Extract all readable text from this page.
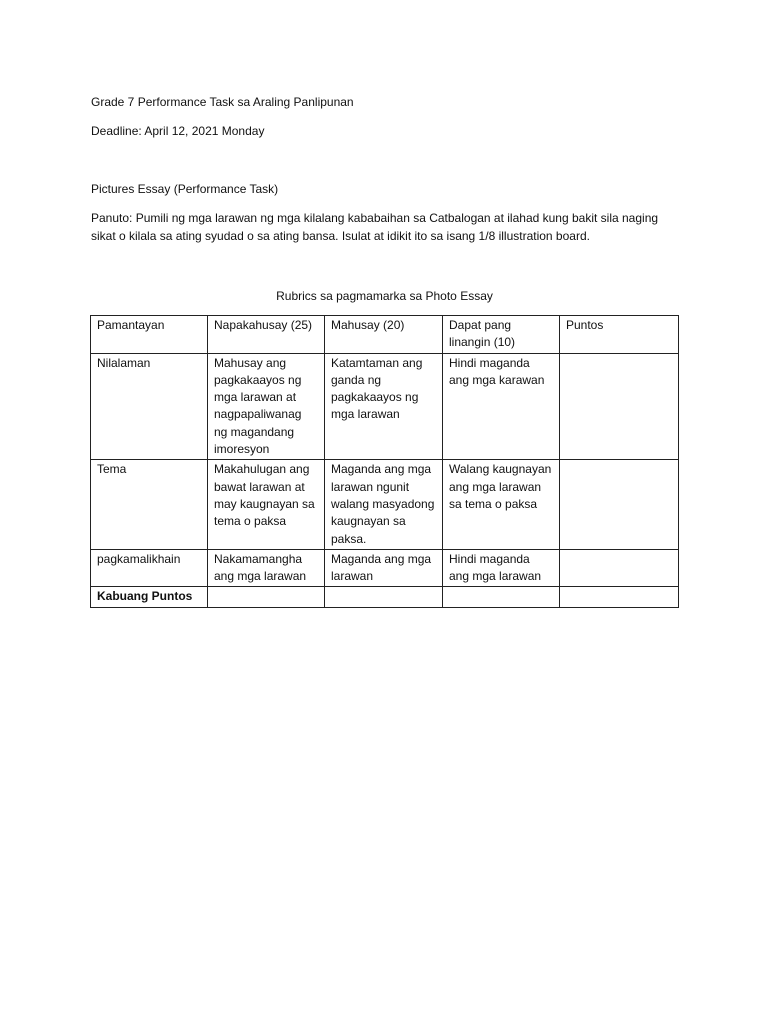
Grade 7 Performance Task sa Araling Panlipunan

Deadline: April 12, 2021 Monday

Pictures Essay (Performance Task)

Panuto: Pumili ng mga larawan ng mga kilalang kababaihan sa Catbalogan at ilahad kung bakit sila naging sikat o kilala sa ating syudad o sa ating bansa. Isulat at idikit ito sa isang 1/8 illustration board.

Rubrics sa pagmamarka sa Photo Essay

Pamantayan	Napakahusay (25)	Mahusay (20)	Dapat pang linangin (10)	Puntos
Nilalaman	Mahusay ang pagkakaayos ng mga larawan at nagpapaliwanag ng magandang imoresyon	Katamtaman ang ganda ng pagkakaayos ng mga larawan	Hindi maganda ang mga karawan	
Tema	Makahulugan ang bawat larawan at may kaugnayan sa tema o paksa	Maganda ang mga larawan ngunit walang masyadong kaugnayan sa paksa.	Walang kaugnayan ang mga larawan sa tema o paksa	
pagkamalikhain	Nakamamangha ang mga larawan	Maganda ang mga larawan	Hindi maganda ang mga larawan	
Kabuang Puntos				
